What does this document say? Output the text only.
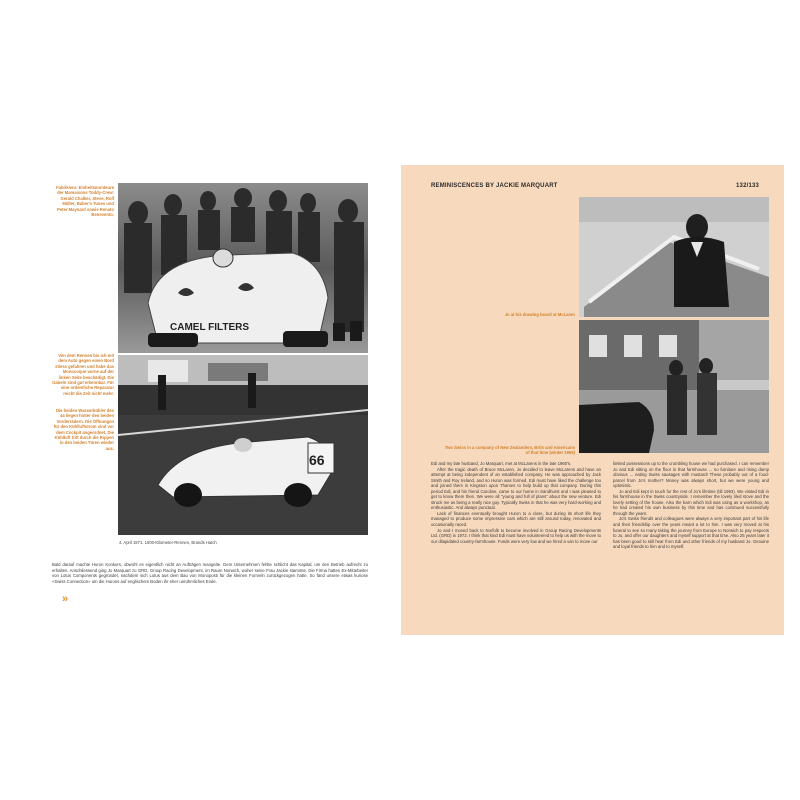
Fabrikneu: Einheitsmonteure der Mamaisons Toddy-Crew: Gerald Chalker, Steve, Rolf Müller, Baber's Tunes und Peter Maynard sowie Renato Benevento.
Von dem Rennen bis ich mit dem Auto gegen einen Bord stiess gefahren und habe das Monocoque vorne auf der linken Seite beschädigt. Die Gabeln sind gut erkennbar. Für eine ordentliche Reparatur reicht die Zeit nicht mehr.
Die beiden Wasserkühler des 44 liegen hinter den beiden Vorderrädern. Die Öffnungen für den Kühlluftstrom sind vor dem Cockpit angeordnet. Die Kühlluft tritt durch die Rippen in den beiden Türen wieder aus.
CAMEL FILTERS
66
4. April 1971: 1000-Kilometer-Rennen, Brands Hatch
Bald darauf machte Huron Konkurs, obwohl es eigentlich nicht an Aufträgen mangelte. Dem Unternehmen fehlte schlicht das Kapital, um den Betrieb aufrecht zu erhalten. Anschliessend ging Jo Marquart zu GRD, Group Racing Development, im Raum Norwich, woher seine Frau Jackie stammte. Die Firma hatten Ex-Mitarbeiter von Lotus Components gegründet, nachdem sich Lotus aus dem Bau von Monoposti für die kleinen Formeln zurückgezogen hatte. So fand unsere etwas kuriose «Swiss Connection» um die Hurons auf englischem Boden ihr eher unrühmliches Ende.
»
REMINISCENCES BY JACKIE MARQUART	132/133
Jo at his drawing board at McLaren
Two Swiss in a company of New Zealanders, Brits and Americans of that time (winter 1969)

Edi and my late husband, Jo Marquart, met at McLarens in the late 1960's.

After the tragic death of Bruce McLaren, Jo decided to leave McLarens and have an attempt at being independent of an established company. He was approached by Jack Smith and Roy Ireland, and so Huron was formed. Edi must have liked the challenge too and joined them in Kingston upon Thames to help build up that company. During this period Edi, and his friend Caroline, came to our home in Sandhurst and I was pleased to get to know them then. We were all "young and full of plans" about the new venture. Edi struck me as being a really nice guy. Typically Swiss in that he was very hard-working and enthusiastic. And always punctual.

Lack of finances eventually brought Huron to a close, but during its short life they managed to produce some impressive cars which are still around today, renovated and occasionally raced.

Jo and I moved back to Norfolk to become involved in Group Racing Developments Ltd. (GRD) in 1972. I think that kind Edi must have volunteered to help us with the move to our dilapidated country-farmhouse. Funds were very low and we hired a van to move our

limited possessions up to the crumbling house we had purchased. I can remember Jo and Edi sitting on the floor in that farmhouse ... no furniture and rising damp obvious ... eating Swiss sausages with mustard! These probably out of a food-parcel from Jo's mother? Money was always short, but we were young and optimistic.

Jo and Edi kept in touch for the rest of Jo's lifetime (till 1993). We visited Edi in his farmhouse in the Swiss countryside. I remember the lovely tiled stove and the lovely setting of the house. Also the barn which Edi was using as a workshop, as he had created his own business by this time and has continued successfully through the years.

Jo's Swiss friends and colleagues were always a very important part of his life and their friendship over the years meant a lot to him. I was very moved at his funeral to see so many taking the journey from Europe to Norwich to pay respects to Jo, and offer our daughters and myself support at that time. Also 25 years later it has been good to still hear from Edi and other friends of my husband Jo. Genuine and loyal friends to him and to myself.
